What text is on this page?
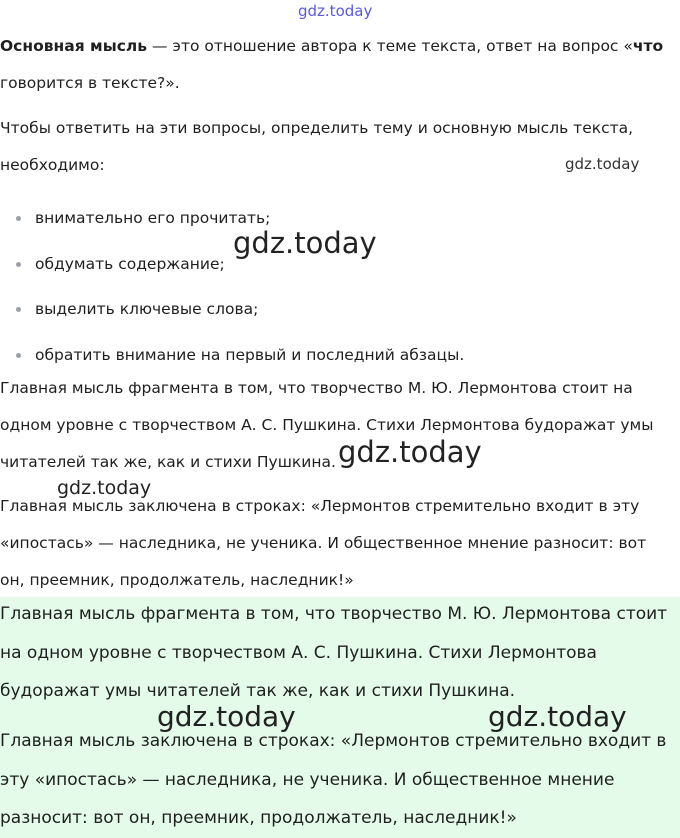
Основная мысль — это отношение автора к теме текста, ответ на вопрос «что
говорится в тексте?».
Чтобы ответить на эти вопросы, определить тему и основную мысль текста,
необходимо:
внимательно его прочитать;
обдумать содержание;
выделить ключевые слова;
обратить внимание на первый и последний абзацы.
Главная мысль фрагмента в том, что творчество М. Ю. Лермонтова стоит на
одном уровне с творчеством А. С. Пушкина. Стихи Лермонтова будоражат умы
читателей так же, как и стихи Пушкина.
Главная мысль заключена в строках: «Лермонтов стремительно входит в эту
«ипостась» — наследника, не ученика. И общественное мнение разносит: вот
он, преемник, продолжатель, наследник!»
Главная мысль фрагмента в том, что творчество М. Ю. Лермонтова стоит
на одном уровне с творчеством А. С. Пушкина. Стихи Лермонтова
будоражат умы читателей так же, как и стихи Пушкина.
Главная мысль заключена в строках: «Лермонтов стремительно входит в
эту «ипостась» — наследника, не ученика. И общественное мнение
разносит: вот он, преемник, продолжатель, наследник!»
gdz.today
gdz.today
gdz.today
gdz.today
gdz.today
gdz.today	gdz.today
